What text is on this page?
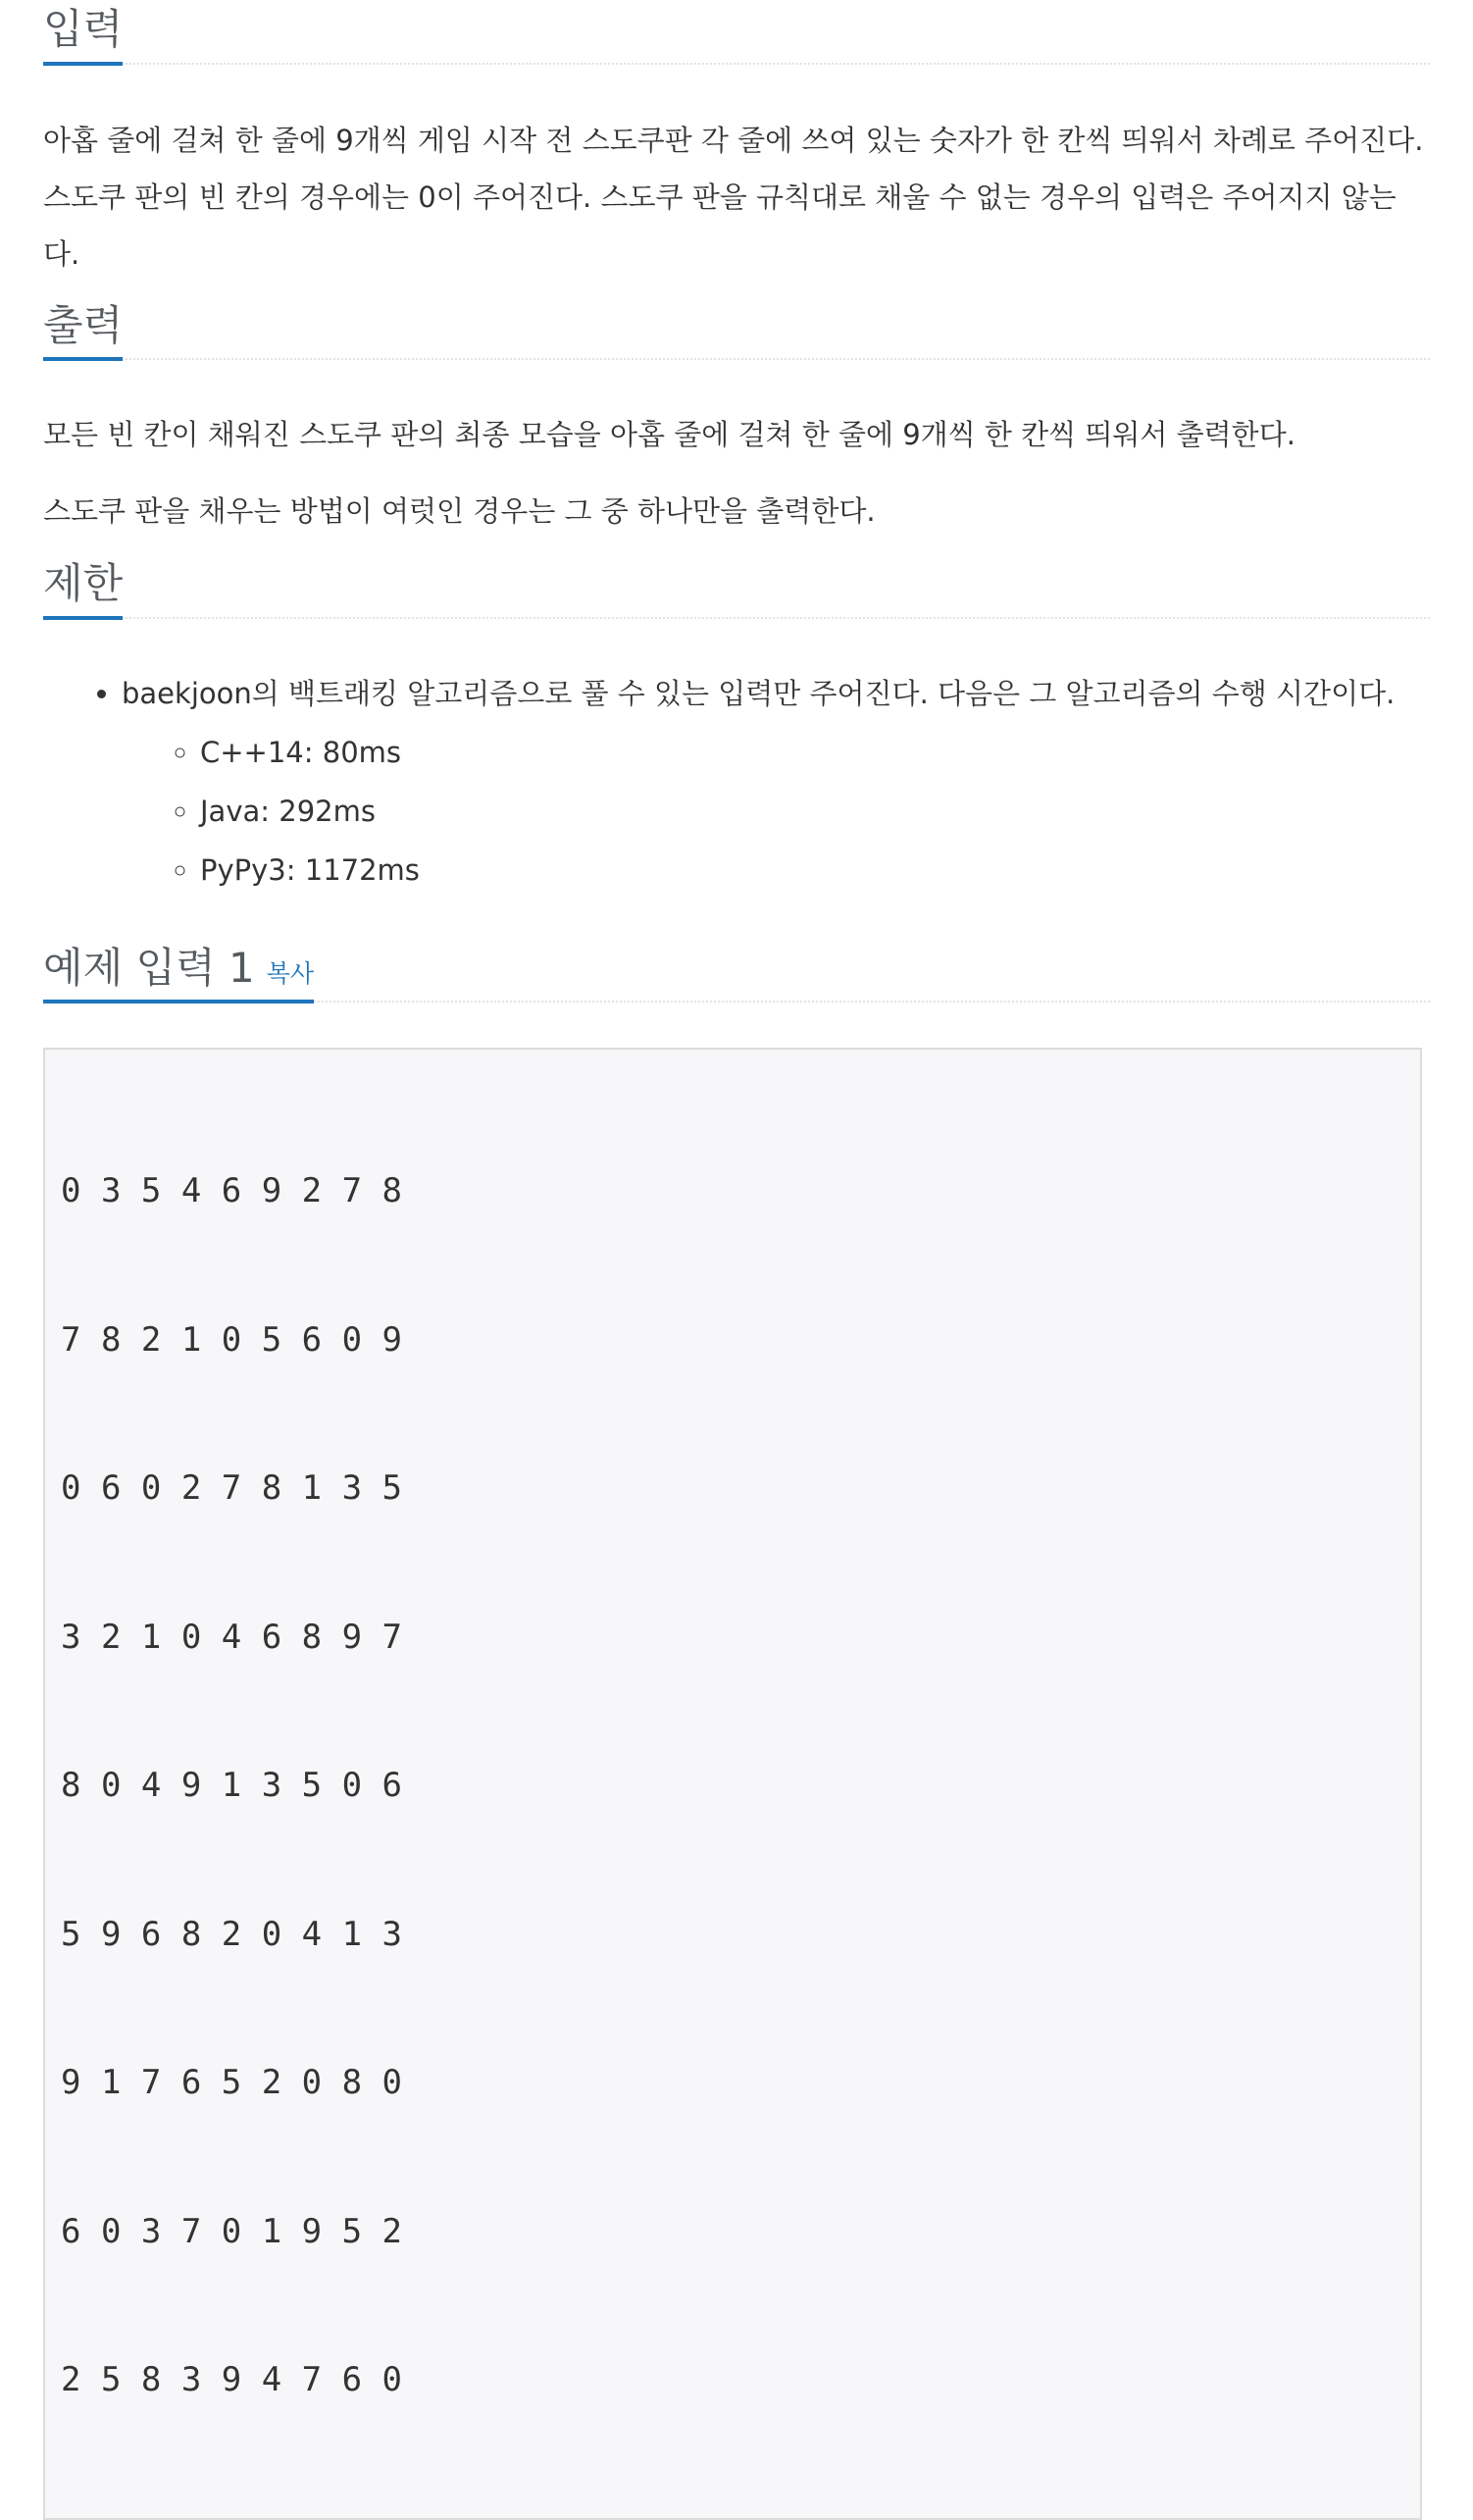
입력

아홉 줄에 걸쳐 한 줄에 9개씩 게임 시작 전 스도쿠판 각 줄에 쓰여 있는 숫자가 한 칸씩 띄워서 차례로 주어진다. 스도쿠 판의 빈 칸의 경우에는 0이 주어진다. 스도쿠 판을 규칙대로 채울 수 없는 경우의 입력은 주어지지 않는다.

출력

모든 빈 칸이 채워진 스도쿠 판의 최종 모습을 아홉 줄에 걸쳐 한 줄에 9개씩 한 칸씩 띄워서 출력한다.

스도쿠 판을 채우는 방법이 여럿인 경우는 그 중 하나만을 출력한다.

제한
• baekjoon의 백트래킹 알고리즘으로 풀 수 있는 입력만 주어진다. 다음은 그 알고리즘의 수행 시간이다.
◦ C++14: 80ms
◦ Java: 292ms
◦ PyPy3: 1172ms
예제 입력 1 복사

0 3 5 4 6 9 2 7 8

7 8 2 1 0 5 6 0 9

0 6 0 2 7 8 1 3 5

3 2 1 0 4 6 8 9 7

8 0 4 9 1 3 5 0 6

5 9 6 8 2 0 4 1 3

9 1 7 6 5 2 0 8 0

6 0 3 7 0 1 9 5 2

2 5 8 3 9 4 7 6 0
